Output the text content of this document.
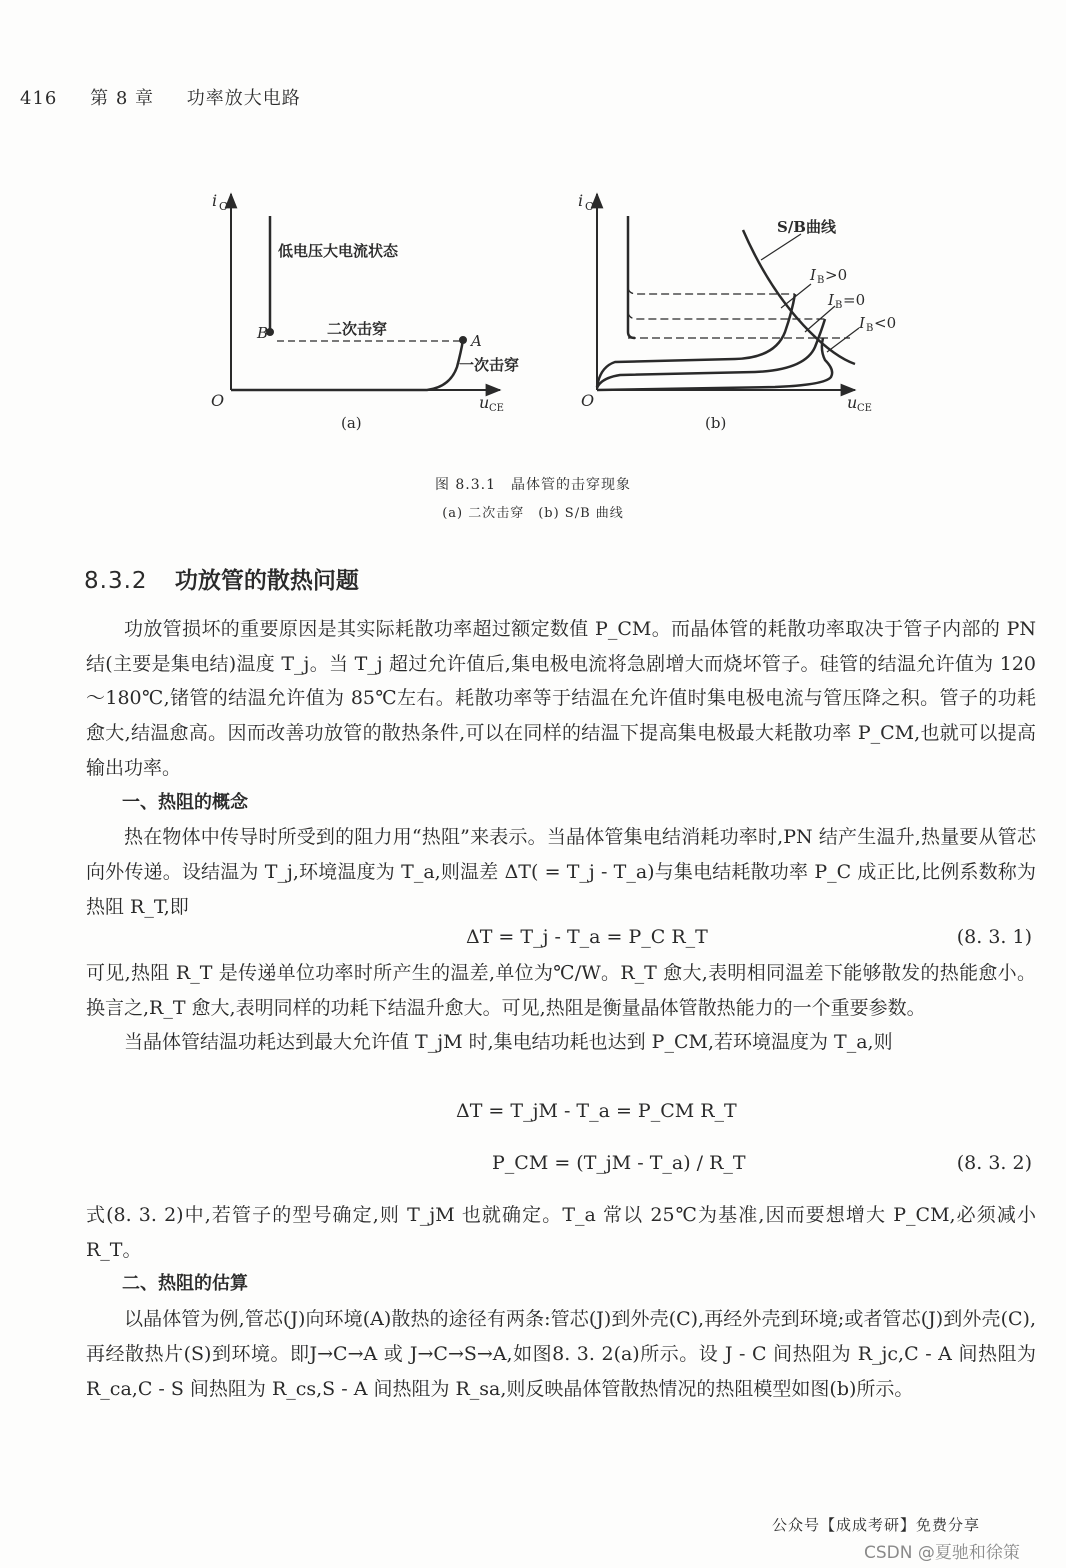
416 第 8 章 功率放大电路
i C
O	u CE
低电压大电流状态
二次击穿
一次击穿
B	A
(a)
i C
O	u CE
S/B曲线
I B >0
I B =0
I B <0
(b)
图 8.3.1　晶体管的击穿现象
(a) 二次击穿　(b) S/B 曲线
8.3.2 功放管的散热问题

功放管损坏的重要原因是其实际耗散功率超过额定数值 P_CM。而晶体管的耗散功率取决于管子内部的 PN 结(主要是集电结)温度 T_j。当 T_j 超过允许值后,集电极电流将急剧增大而烧坏管子。硅管的结温允许值为 120～180℃,锗管的结温允许值为 85℃左右。耗散功率等于结温在允许值时集电极电流与管压降之积。管子的功耗愈大,结温愈高。因而改善功放管的散热条件,可以在同样的结温下提高集电极最大耗散功率 P_CM,也就可以提高输出功率。

一、热阻的概念

热在物体中传导时所受到的阻力用“热阻”来表示。当晶体管集电结消耗功率时,PN 结产生温升,热量要从管芯向外传递。设结温为 T_j,环境温度为 T_a,则温差 ΔT( = T_j - T_a)与集电结耗散功率 P_C 成正比,比例系数称为热阻 R_T,即

ΔT = T_j - T_a = P_C R_T	(8. 3. 1)

可见,热阻 R_T 是传递单位功率时所产生的温差,单位为℃/W。R_T 愈大,表明相同温差下能够散发的热能愈小。换言之,R_T 愈大,表明同样的功耗下结温升愈大。可见,热阻是衡量晶体管散热能力的一个重要参数。

当晶体管结温功耗达到最大允许值 T_jM 时,集电结功耗也达到 P_CM,若环境温度为 T_a,则

ΔT = T_jM - T_a = P_CM R_T
P_CM = (T_jM - T_a) / R_T	(8. 3. 2)

式(8. 3. 2)中,若管子的型号确定,则 T_jM 也就确定。T_a 常以 25℃为基准,因而要想增大 P_CM,必须减小 R_T。

二、热阻的估算

以晶体管为例,管芯(J)向环境(A)散热的途径有两条:管芯(J)到外壳(C),再经外壳到环境;或者管芯(J)到外壳(C),再经散热片(S)到环境。即J→C→A 或 J→C→S→A,如图8. 3. 2(a)所示。设 J - C 间热阻为 R_jc,C - A 间热阻为 R_ca,C - S 间热阻为 R_cs,S - A 间热阻为 R_sa,则反映晶体管散热情况的热阻模型如图(b)所示。

公众号【成成考研】免费分享
CSDN @夏驰和徐策
